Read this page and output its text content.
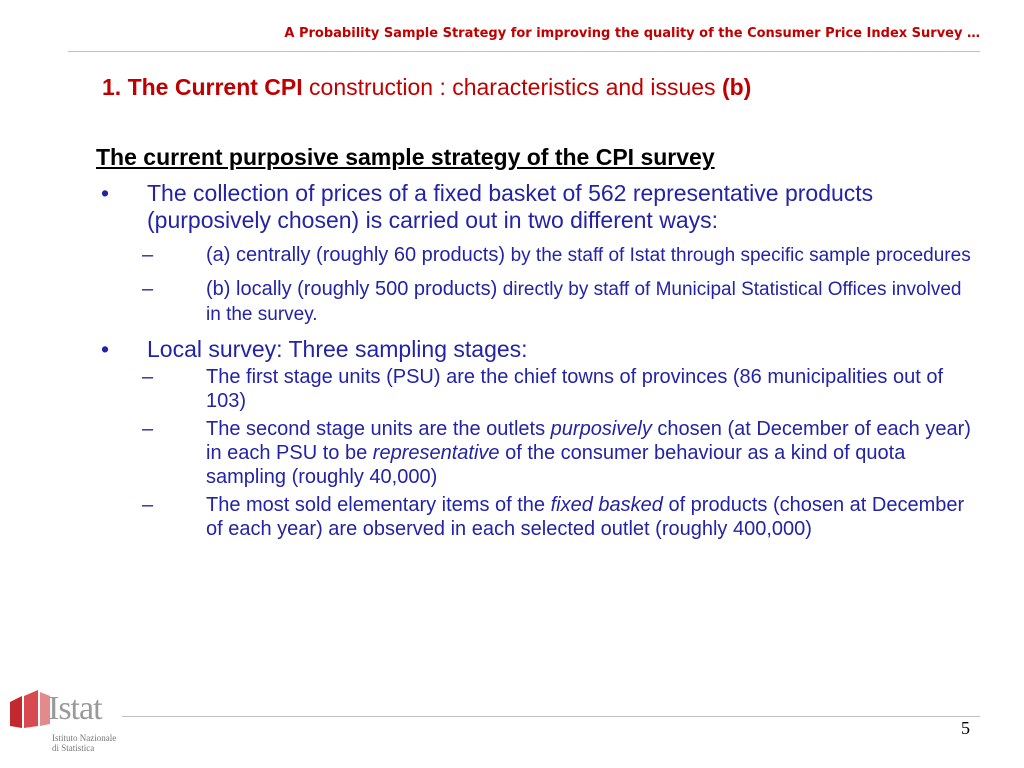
A Probability Sample Strategy for improving the quality of the Consumer Price Index Survey …
1. The Current CPI construction : characteristics and issues (b)
The current purposive sample strategy of the CPI survey
• The collection of prices of a fixed basket of 562 representative products (purposively chosen) is carried out in two different ways:
–	(a) centrally (roughly 60 products) by the staff of Istat through specific sample procedures
–	(b) locally (roughly 500 products) directly by staff of Municipal Statistical Offices involved in the survey.
• Local survey: Three sampling stages:
–	The first stage units (PSU) are the chief towns of provinces (86 municipalities out of 103)
–	The second stage units are the outlets purposively chosen (at December of each year) in each PSU to be representative of the consumer behaviour as a kind of quota sampling (roughly 40,000)
–	The most sold elementary items of the fixed basked of products (chosen at December of each year) are observed in each selected outlet (roughly 400,000)
5
Istat
Istituto Nazionale
di Statistica
